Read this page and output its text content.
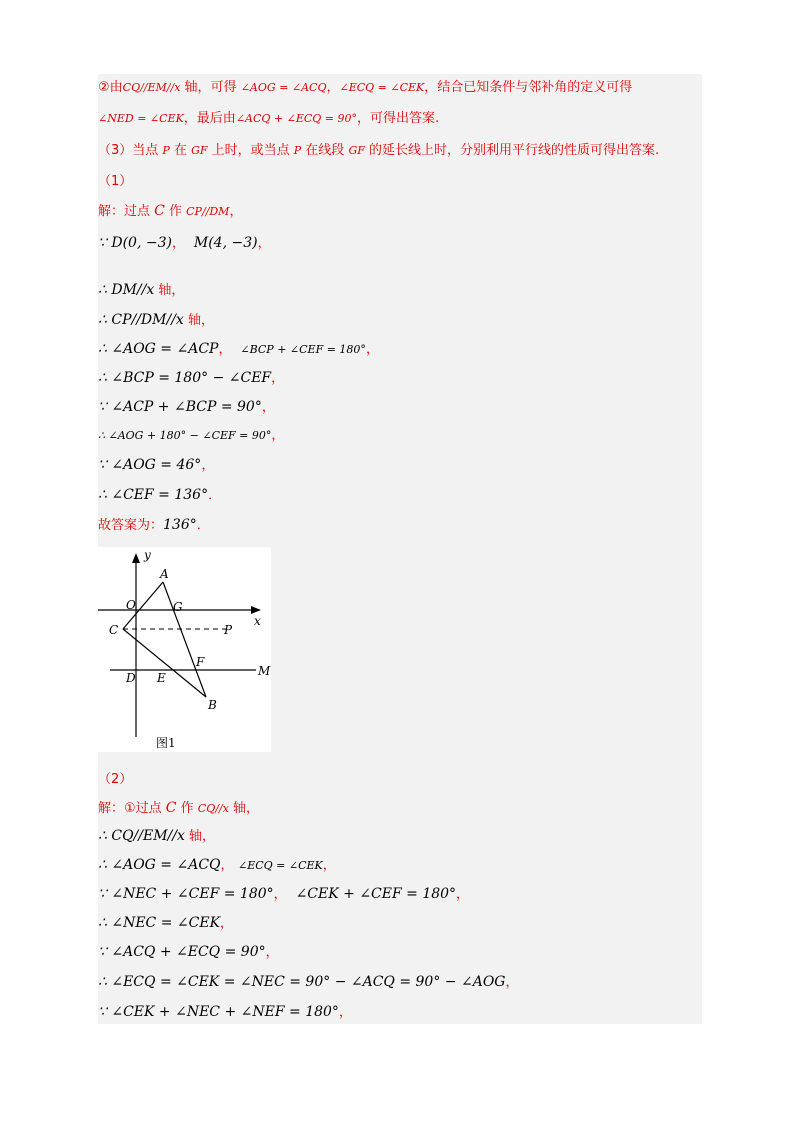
②由CQ//EM//x 轴，可得 ∠AOG = ∠ACQ，∠ECQ = ∠CEK，结合已知条件与邻补角的定义可得
∠NED = ∠CEK，最后由∠ACQ + ∠ECQ = 90°，可得出答案.
（3）当点 P 在 GF 上时，或当点 P 在线段 GF 的延长线上时，分别利用平行线的性质可得出答案.
（1）
解：过点 C 作 CP//DM，
∵ D(0, −3)， M(4, −3)，
∴ DM//x 轴，
∴ CP//DM//x 轴，
∴ ∠AOG = ∠ACP， ∠BCP + ∠CEF = 180°，
∴ ∠BCP = 180° − ∠CEF，
∵ ∠ACP + ∠BCP = 90°，
∴ ∠AOG + 180° − ∠CEF = 90°，
∵ ∠AOG = 46°，
∴ ∠CEF = 136°．
故答案为：136°．
y
x
A
O	G
C	P
F
M
D E
B
图1
（2）
解：①过点 C 作 CQ//x 轴，
∴ CQ//EM//x 轴，
∴ ∠AOG = ∠ACQ， ∠ECQ = ∠CEK，
∵ ∠NEC + ∠CEF = 180°， ∠CEK + ∠CEF = 180°，
∴ ∠NEC = ∠CEK，
∵ ∠ACQ + ∠ECQ = 90°，
∴ ∠ECQ = ∠CEK = ∠NEC = 90° − ∠ACQ = 90° − ∠AOG，
∵ ∠CEK + ∠NEC + ∠NEF = 180°，
